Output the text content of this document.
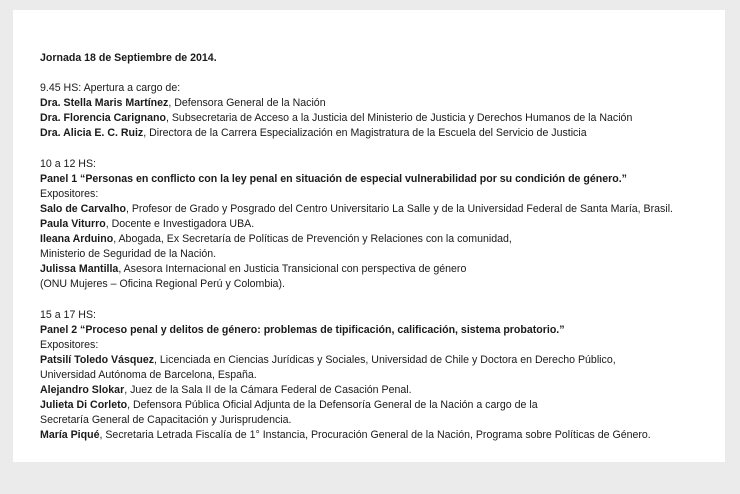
Jornada 18 de Septiembre de 2014.
9.45 HS: Apertura a cargo de:
Dra. Stella Maris Martínez, Defensora General de la Nación
Dra. Florencia Carignano, Subsecretaria de Acceso a la Justicia del Ministerio de Justicia y Derechos Humanos de la Nación
Dra. Alicia E. C. Ruiz, Directora de la Carrera Especialización en Magistratura de la Escuela del Servicio de Justicia
10 a 12 HS:
Panel 1 “Personas en conflicto con la ley penal en situación de especial vulnerabilidad por su condición de género.”
Expositores:
Salo de Carvalho, Profesor de Grado y Posgrado del Centro Universitario La Salle y de la Universidad Federal de Santa María, Brasil.
Paula Viturro, Docente e Investigadora UBA.
Ileana Arduino, Abogada, Ex Secretaría de Políticas de Prevención y Relaciones con la comunidad,
Ministerio de Seguridad de la Nación.
Julissa Mantilla, Asesora Internacional en Justicia Transicional con perspectiva de género
(ONU Mujeres – Oficina Regional Perú y Colombia).
15 a 17 HS:
Panel 2 “Proceso penal y delitos de género: problemas de tipificación, calificación, sistema probatorio.”
Expositores:
Patsilí Toledo Vásquez, Licenciada en Ciencias Jurídicas y Sociales, Universidad de Chile y Doctora en Derecho Público,
Universidad Autónoma de Barcelona, España.
Alejandro Slokar, Juez de la Sala II de la Cámara Federal de Casación Penal.
Julieta Di Corleto, Defensora Pública Oficial Adjunta de la Defensoría General de la Nación a cargo de la
Secretaría General de Capacitación y Jurisprudencia.
María Piqué, Secretaria Letrada Fiscalía de 1° Instancia, Procuración General de la Nación, Programa sobre Políticas de Género.
